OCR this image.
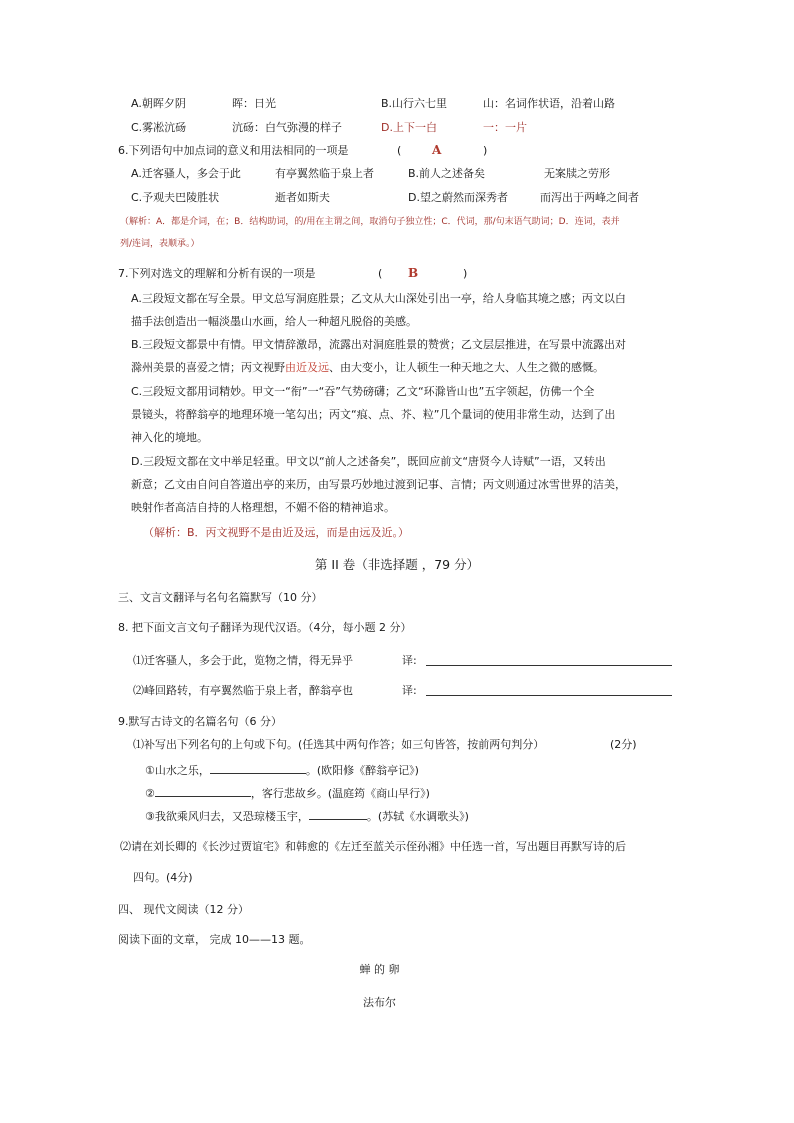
A.朝晖夕阴	晖：日光	B.山行六七里	山：名词作状语，沿着山路
C.雾凇沆砀	沆砀：白气弥漫的样子	D.上下一白	一：一片
6.下列语句中加点词的意义和用法相同的一项是	(	A	)
A.迁客骚人，多会于此	有亭翼然临于泉上者	B.前人之述备矣	无案牍之劳形
C.予观夫巴陵胜状	逝者如斯夫	D.望之蔚然而深秀者	而泻出于两峰之间者
（解析：A．都是介词，在；B．结构助词，的/用在主谓之间，取消句子独立性；C．代词，那/句末语气助词；D．连词，表并
列/连词，表顺承。）
7.下列对选文的理解和分析有误的一项是	( B	)
A.三段短文都在写全景。甲文总写洞庭胜景；乙文从大山深处引出一亭，给人身临其境之感；丙文以白
描手法创造出一幅淡墨山水画，给人一种超凡脱俗的美感。
B.三段短文都景中有情。甲文情辞激昂，流露出对洞庭胜景的赞赏；乙文层层推进，在写景中流露出对
滁州美景的喜爱之情；丙文视野由近及远、由大变小，让人顿生一种天地之大、人生之微的感慨。
C.三段短文都用词精妙。甲文一“衔”一“吞”气势磅礴；乙文“环滁皆山也”五字领起，仿佛一个全
景镜头，将醉翁亭的地理环境一笔勾出；丙文“痕、点、芥、粒”几个量词的使用非常生动，达到了出
神入化的境地。
D.三段短文都在文中举足轻重。甲文以“前人之述备矣”，既回应前文“唐贤今人诗赋”一语，又转出
新意；乙文由自问自答道出亭的来历，由写景巧妙地过渡到记事、言情；丙文则通过冰雪世界的洁美，
映射作者高洁自持的人格理想，不媚不俗的精神追求。
（解析：B．丙文视野不是由近及远，而是由远及近。）
第 II 卷（非选择题 ，79 分）
三、文言文翻译与名句名篇默写（10 分）
8. 把下面文言文句子翻译为现代汉语。（4分，每小题 2 分）
⑴迁客骚人，多会于此，览物之情，得无异乎	译:
⑵峰回路转，有亭翼然临于泉上者，醉翁亭也	译:
9.默写古诗文的名篇名句（6 分）
⑴补写出下列名句的上句或下句。(任选其中两句作答；如三句皆答，按前两句判分）	(2分)
①山水之乐，	。(欧阳修《醉翁亭记》)
②	，客行悲故乡。(温庭筠《商山早行》)
③我欲乘风归去，又恐琼楼玉宇，	。(苏轼《水调歌头》)
⑵请在刘长卿的《长沙过贾谊宅》和韩愈的《左迁至蓝关示侄孙湘》中任选一首，写出题目再默写诗的后
四句。(4分)
四、 现代文阅读（12 分）
阅读下面的文章， 完成 10——13 题。
蝉 的 卵
法布尔
